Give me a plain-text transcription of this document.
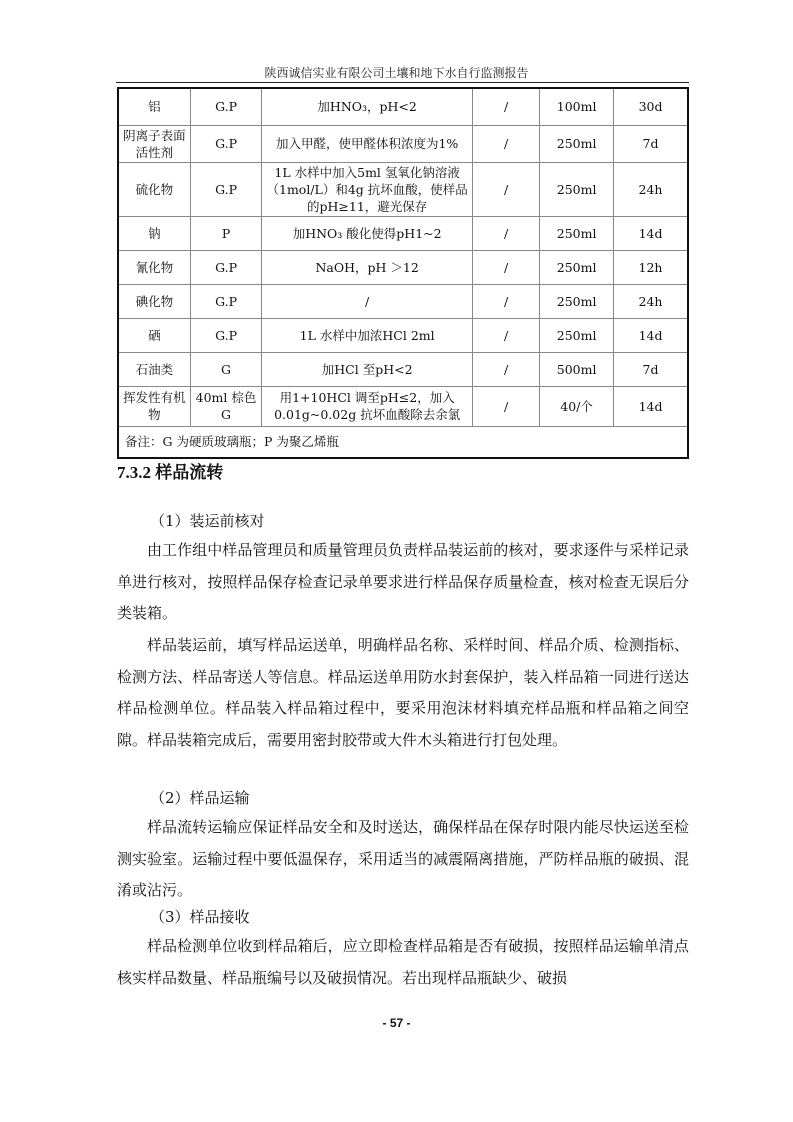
陕西诚信实业有限公司土壤和地下水自行监测报告
铝	G.P	加HNO₃，pH<2	/	100ml	30d
阴离子表面活性剂	G.P	加入甲醛，使甲醛体积浓度为1%	/	250ml	7d
硫化物	G.P	1L 水样中加入5ml 氢氧化钠溶液（1mol/L）和4g 抗坏血酸，使样品的pH≥11，避光保存	/	250ml	24h
钠	P	加HNO₃ 酸化使得pH1~2	/	250ml	14d
氰化物	G.P	NaOH，pH ＞12	/	250ml	12h
碘化物	G.P	/	/	250ml	24h
硒	G.P	1L 水样中加浓HCl 2ml	/	250ml	14d
石油类	G	加HCl 至pH<2	/	500ml	7d
挥发性有机物	40ml 棕色G	用1+10HCl 调至pH≤2，加入0.01g~0.02g 抗坏血酸除去余氯	/	40/个	14d
备注：G 为硬质玻璃瓶；P 为聚乙烯瓶					
7.3.2 样品流转
（1）装运前核对
由工作组中样品管理员和质量管理员负责样品装运前的核对，要求逐件与采样记录单进行核对，按照样品保存检查记录单要求进行样品保存质量检查，核对检查无误后分类装箱。
样品装运前，填写样品运送单，明确样品名称、采样时间、样品介质、检测指标、检测方法、样品寄送人等信息。样品运送单用防水封套保护，装入样品箱一同进行送达样品检测单位。样品装入样品箱过程中，要采用泡沫材料填充样品瓶和样品箱之间空隙。样品装箱完成后，需要用密封胶带或大件木头箱进行打包处理。
（2）样品运输
样品流转运输应保证样品安全和及时送达，确保样品在保存时限内能尽快运送至检测实验室。运输过程中要低温保存，采用适当的减震隔离措施，严防样品瓶的破损、混淆或沾污。
（3）样品接收
样品检测单位收到样品箱后，应立即检查样品箱是否有破损，按照样品运输单清点核实样品数量、样品瓶编号以及破损情况。若出现样品瓶缺少、破损
- 57 -
